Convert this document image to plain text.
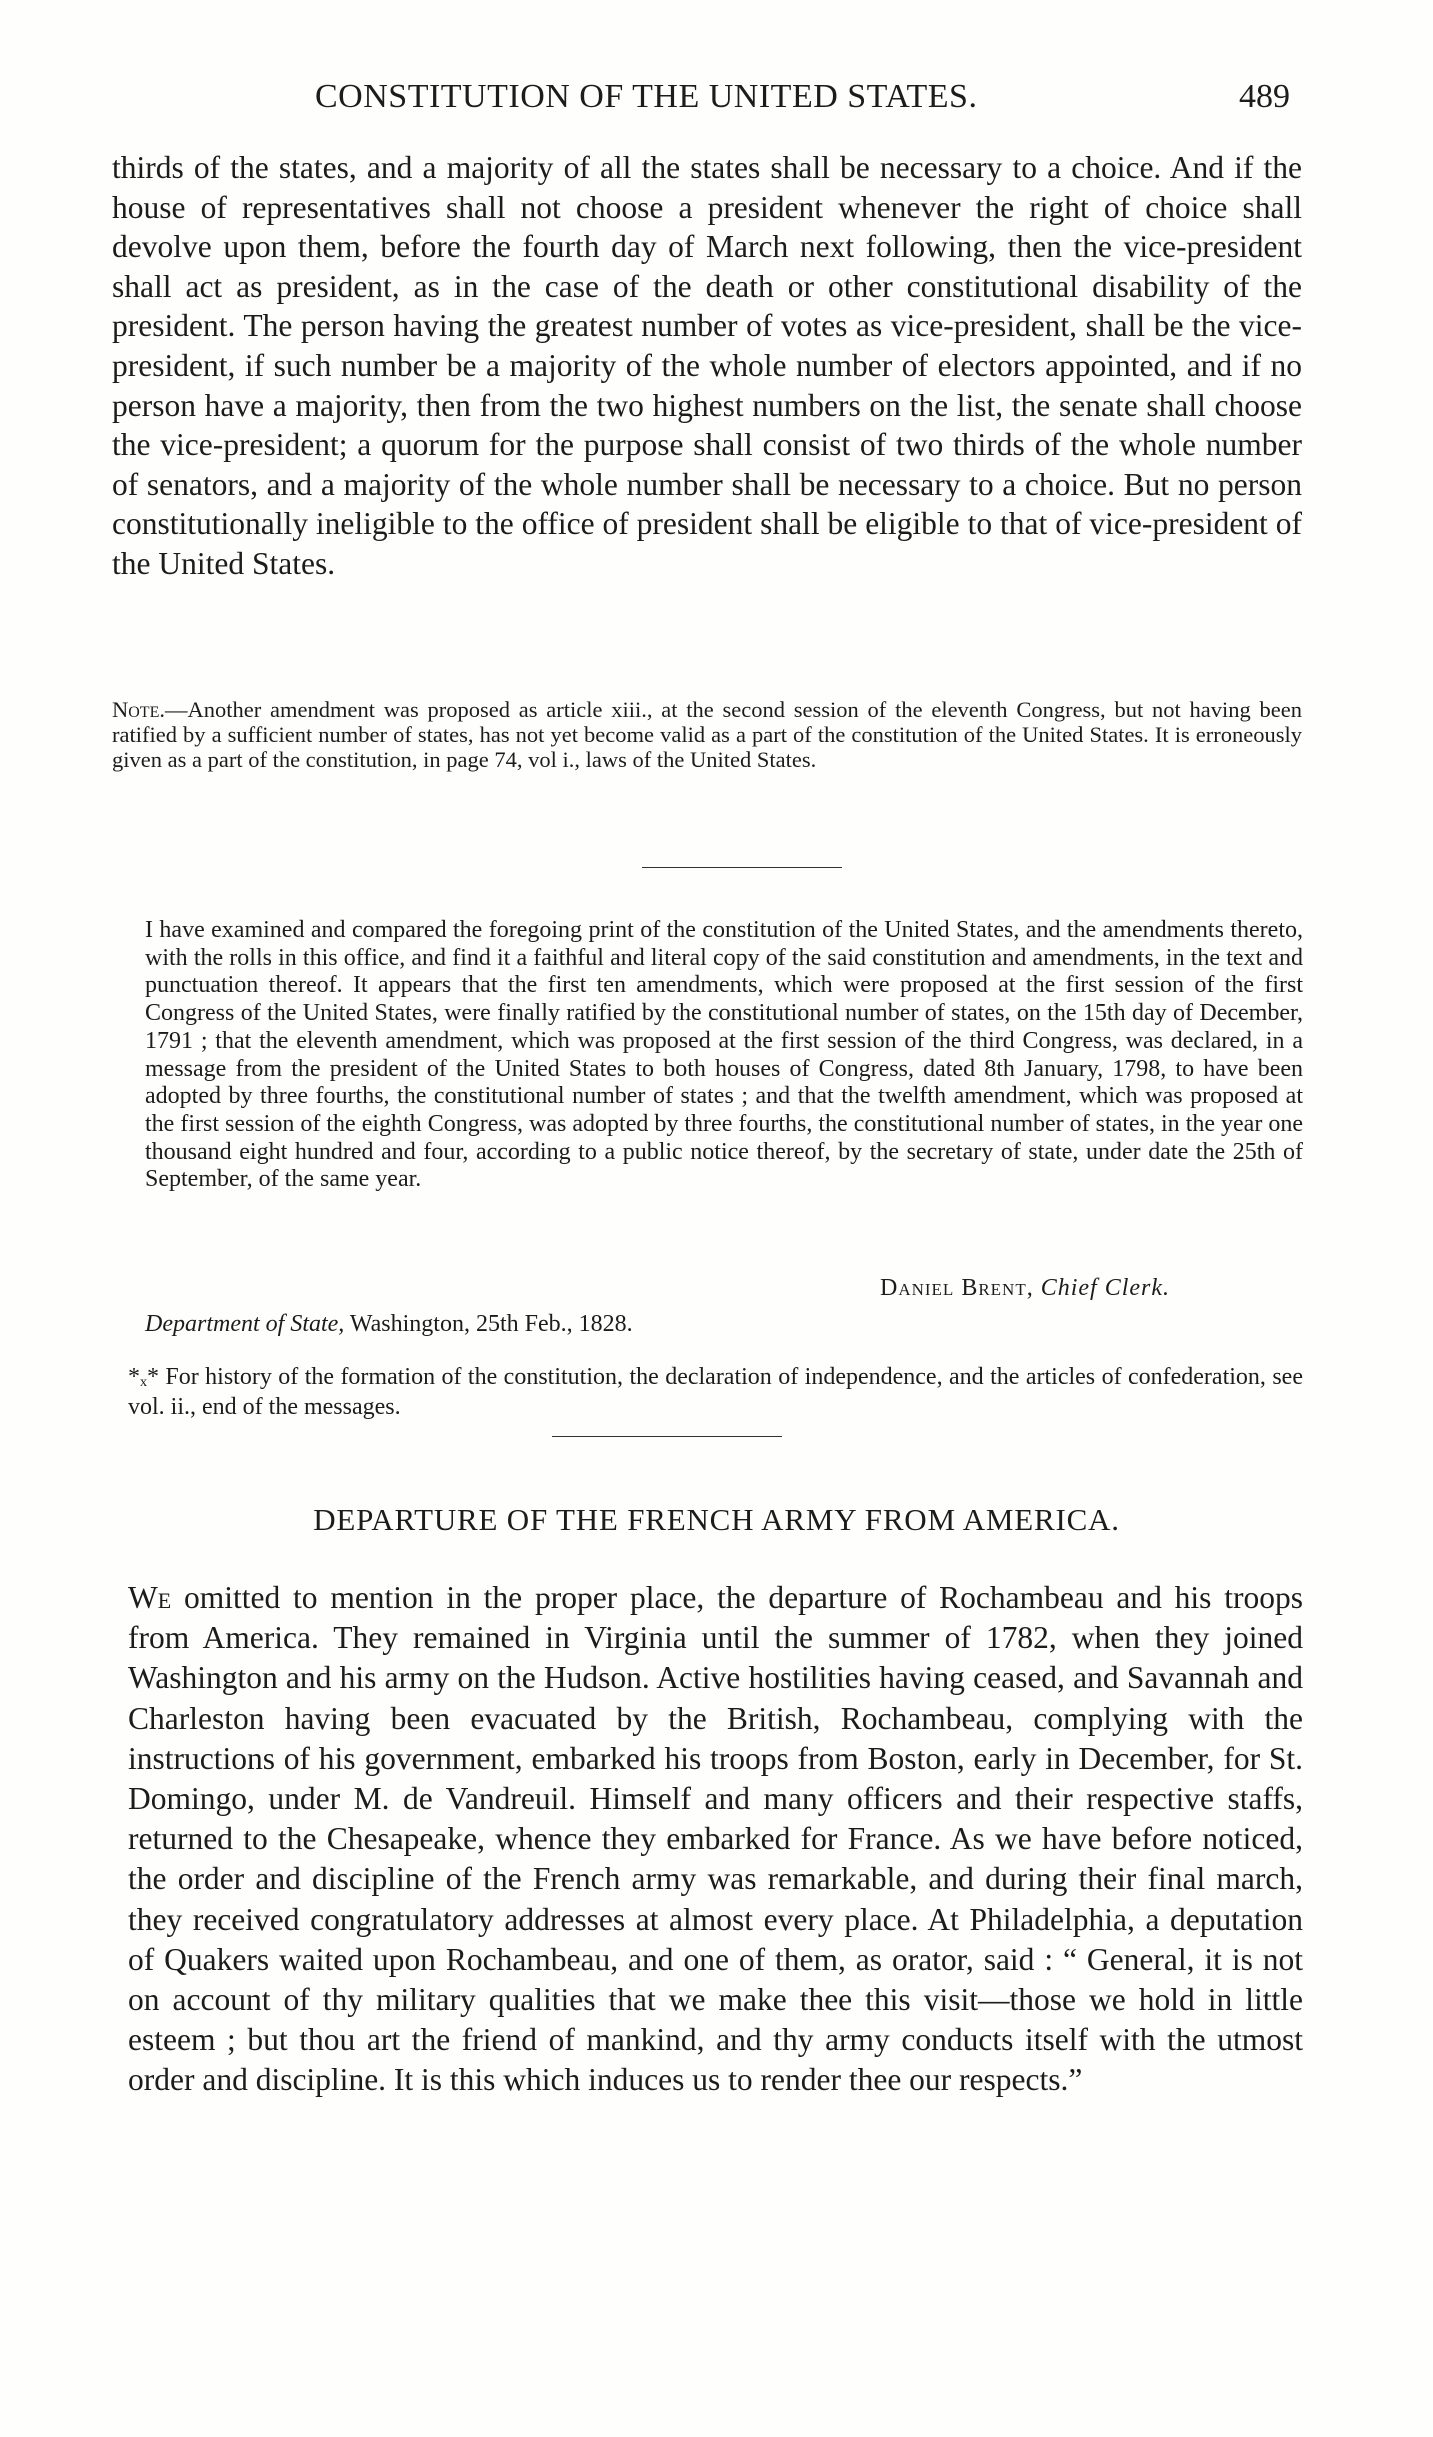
CONSTITUTION OF THE UNITED STATES.	489

thirds of the states, and a majority of all the states shall be necessary to a choice. And if the house of representatives shall not choose a president whenever the right of choice shall devolve upon them, before the fourth day of March next following, then the vice-president shall act as president, as in the case of the death or other constitutional disability of the president. The person having the greatest number of votes as vice-president, shall be the vice-president, if such number be a majority of the whole number of electors appointed, and if no person have a majority, then from the two highest numbers on the list, the senate shall choose the vice-president; a quorum for the purpose shall consist of two thirds of the whole number of senators, and a majority of the whole number shall be necessary to a choice. But no person constitutionally ineligible to the office of president shall be eligible to that of vice-president of the United States.

Note.—Another amendment was proposed as article xiii., at the second session of the eleventh Congress, but not having been ratified by a sufficient number of states, has not yet become valid as a part of the constitution of the United States. It is erroneously given as a part of the constitution, in page 74, vol i., laws of the United States.

I have examined and compared the foregoing print of the constitution of the United States, and the amendments thereto, with the rolls in this office, and find it a faithful and literal copy of the said constitution and amendments, in the text and punctuation thereof. It appears that the first ten amendments, which were proposed at the first session of the first Congress of the United States, were finally ratified by the constitutional number of states, on the 15th day of December, 1791 ; that the eleventh amendment, which was proposed at the first session of the third Congress, was declared, in a message from the president of the United States to both houses of Congress, dated 8th January, 1798, to have been adopted by three fourths, the constitutional number of states ; and that the twelfth amendment, which was proposed at the first session of the eighth Congress, was adopted by three fourths, the constitutional number of states, in the year one thousand eight hundred and four, according to a public notice thereof, by the secretary of state, under date the 25th of September, of the same year.

Daniel Brent, Chief Clerk.
Department of State, Washington, 25th Feb., 1828.

*ₓ* For history of the formation of the constitution, the declaration of independence, and the articles of confederation, see vol. ii., end of the messages.

DEPARTURE OF THE FRENCH ARMY FROM AMERICA.

We omitted to mention in the proper place, the departure of Rochambeau and his troops from America. They remained in Virginia until the summer of 1782, when they joined Washington and his army on the Hudson. Active hostilities having ceased, and Savannah and Charleston having been evacuated by the British, Rochambeau, complying with the instructions of his government, embarked his troops from Boston, early in December, for St. Domingo, under M. de Vandreuil. Himself and many officers and their respective staffs, returned to the Chesapeake, whence they embarked for France. As we have before noticed, the order and discipline of the French army was remarkable, and during their final march, they received congratulatory addresses at almost every place. At Philadelphia, a deputation of Quakers waited upon Rochambeau, and one of them, as orator, said : “ General, it is not on account of thy military qualities that we make thee this visit—those we hold in little esteem ; but thou art the friend of mankind, and thy army conducts itself with the utmost order and discipline. It is this which induces us to render thee our respects.”
